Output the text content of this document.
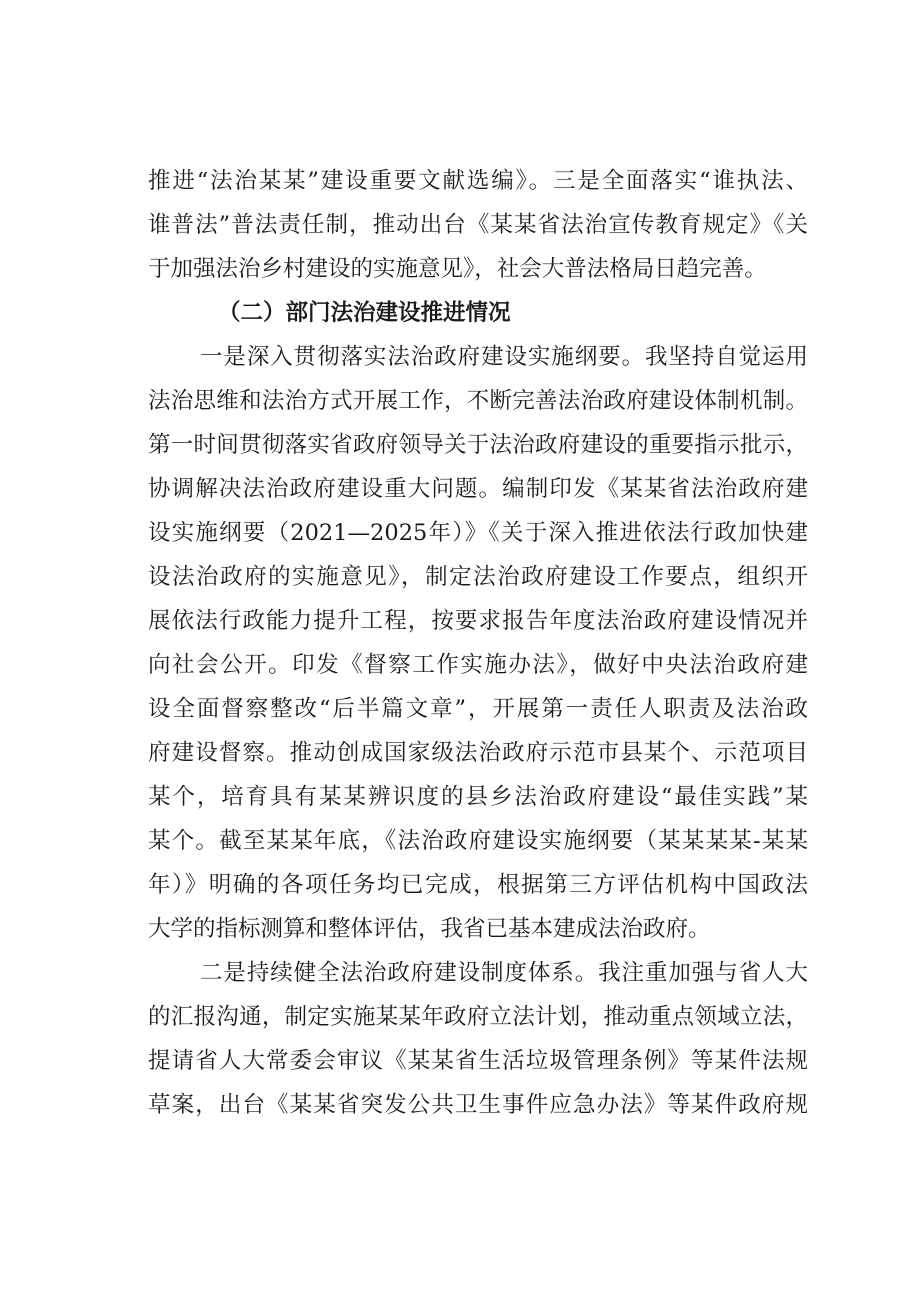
推进“法治某某”建设重要文献选编》。三是全面落实“谁执法、
谁普法”普法责任制，推动出台《某某省法治宣传教育规定》《关
于加强法治乡村建设的实施意见》，社会大普法格局日趋完善。
（二）部门法治建设推进情况
一是深入贯彻落实法治政府建设实施纲要。我坚持自觉运用
法治思维和法治方式开展工作，不断完善法治政府建设体制机制。
第一时间贯彻落实省政府领导关于法治政府建设的重要指示批示，
协调解决法治政府建设重大问题。编制印发《某某省法治政府建
设实施纲要（2021—2025年）》《关于深入推进依法行政加快建
设法治政府的实施意见》，制定法治政府建设工作要点，组织开
展依法行政能力提升工程，按要求报告年度法治政府建设情况并
向社会公开。印发《督察工作实施办法》，做好中央法治政府建
设全面督察整改“后半篇文章”，开展第一责任人职责及法治政
府建设督察。推动创成国家级法治政府示范市县某个、示范项目
某个，培育具有某某辨识度的县乡法治政府建设“最佳实践”某
某个。截至某某年底，《法治政府建设实施纲要（某某某某-某某
年）》明确的各项任务均已完成，根据第三方评估机构中国政法
大学的指标测算和整体评估，我省已基本建成法治政府。
二是持续健全法治政府建设制度体系。我注重加强与省人大
的汇报沟通，制定实施某某年政府立法计划，推动重点领域立法，
提请省人大常委会审议《某某省生活垃圾管理条例》等某件法规
草案，出台《某某省突发公共卫生事件应急办法》等某件政府规
